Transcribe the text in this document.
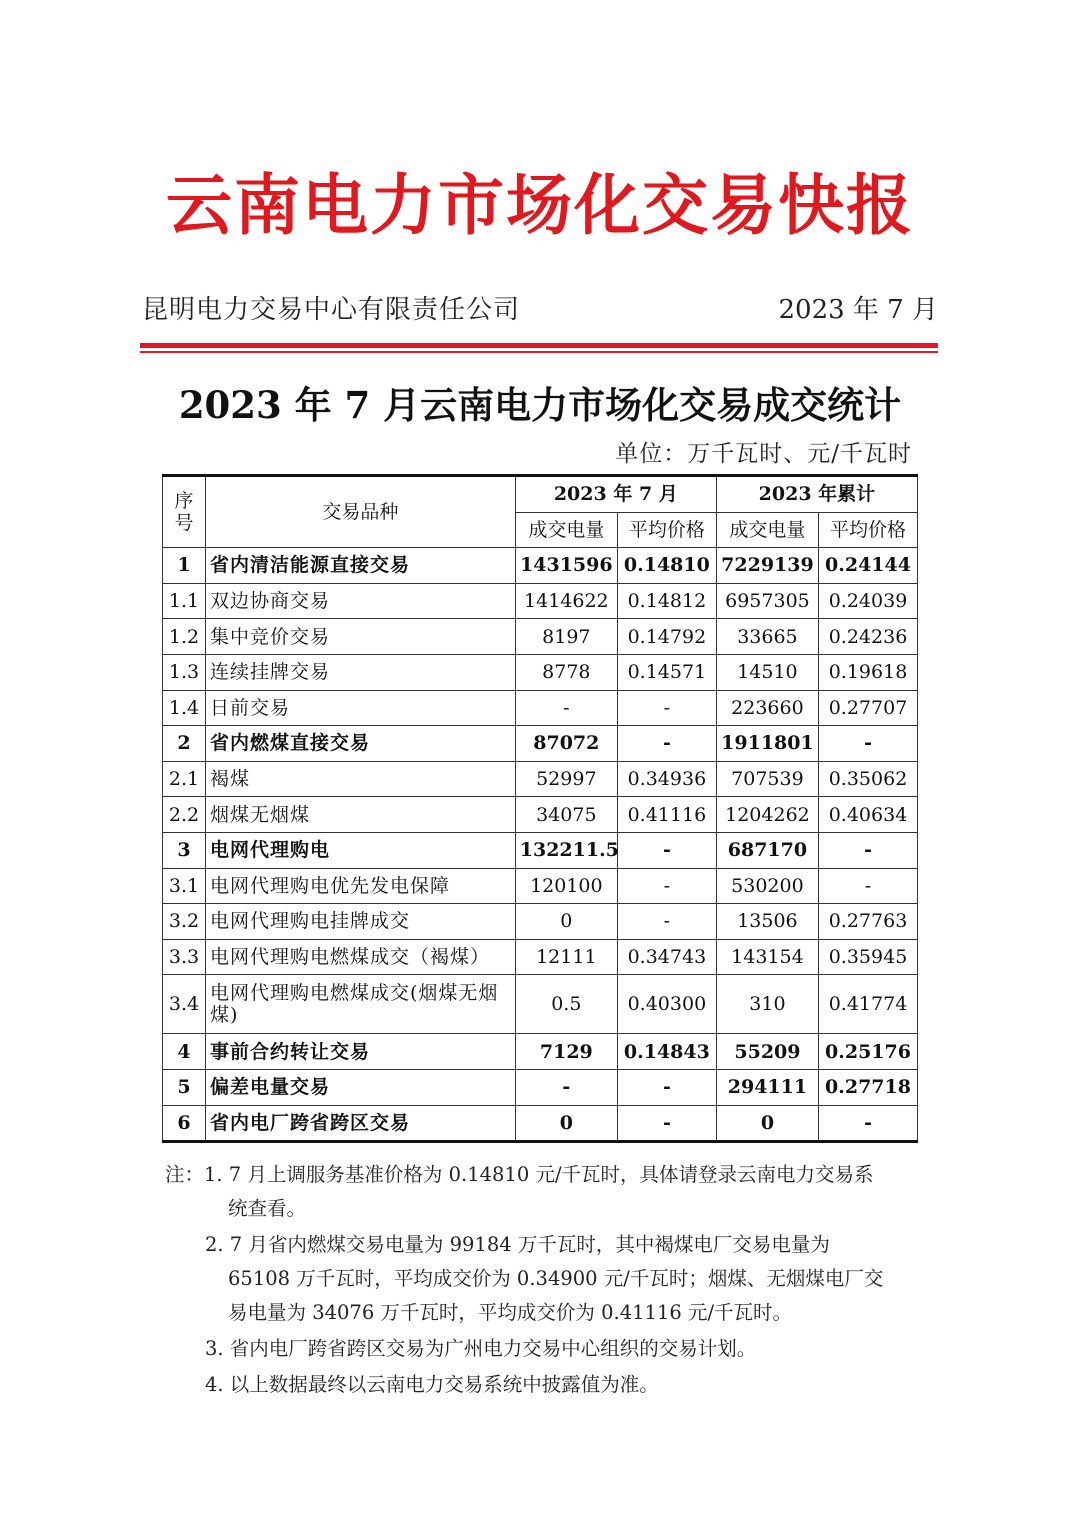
云南电力市场化交易快报
昆明电力交易中心有限责任公司	2023 年 7 月
2023 年 7 月云南电力市场化交易成交统计
单位：万千瓦时、元/千瓦时
序号	交易品种	2023 年 7 月		2023 年累计	
		成交电量	平均价格	成交电量	平均价格
1	省内清洁能源直接交易	1431596	0.14810	7229139	0.24144
1.1	双边协商交易	1414622	0.14812	6957305	0.24039
1.2	集中竞价交易	8197	0.14792	33665	0.24236
1.3	连续挂牌交易	8778	0.14571	14510	0.19618
1.4	日前交易	-	-	223660	0.27707
2	省内燃煤直接交易	87072	-	1911801	-
2.1	褐煤	52997	0.34936	707539	0.35062
2.2	烟煤无烟煤	34075	0.41116	1204262	0.40634
3	电网代理购电	132211.5	-	687170	-
3.1	电网代理购电优先发电保障	120100	-	530200	-
3.2	电网代理购电挂牌成交	0	-	13506	0.27763
3.3	电网代理购电燃煤成交（褐煤）	12111	0.34743	143154	0.35945
3.4	电网代理购电燃煤成交(烟煤无烟煤)	0.5	0.40300	310	0.41774
4	事前合约转让交易	7129	0.14843	55209	0.25176
5	偏差电量交易	-	-	294111	0.27718
6	省内电厂跨省跨区交易	0	-	0	-

注：1. 7 月上调服务基准价格为 0.14810 元/千瓦时，具体请登录云南电力交易系
统查看。

2. 7 月省内燃煤交易电量为 99184 万千瓦时，其中褐煤电厂交易电量为
65108 万千瓦时，平均成交价为 0.34900 元/千瓦时；烟煤、无烟煤电厂交
易电量为 34076 万千瓦时，平均成交价为 0.41116 元/千瓦时。

3. 省内电厂跨省跨区交易为广州电力交易中心组织的交易计划。

4. 以上数据最终以云南电力交易系统中披露值为准。
